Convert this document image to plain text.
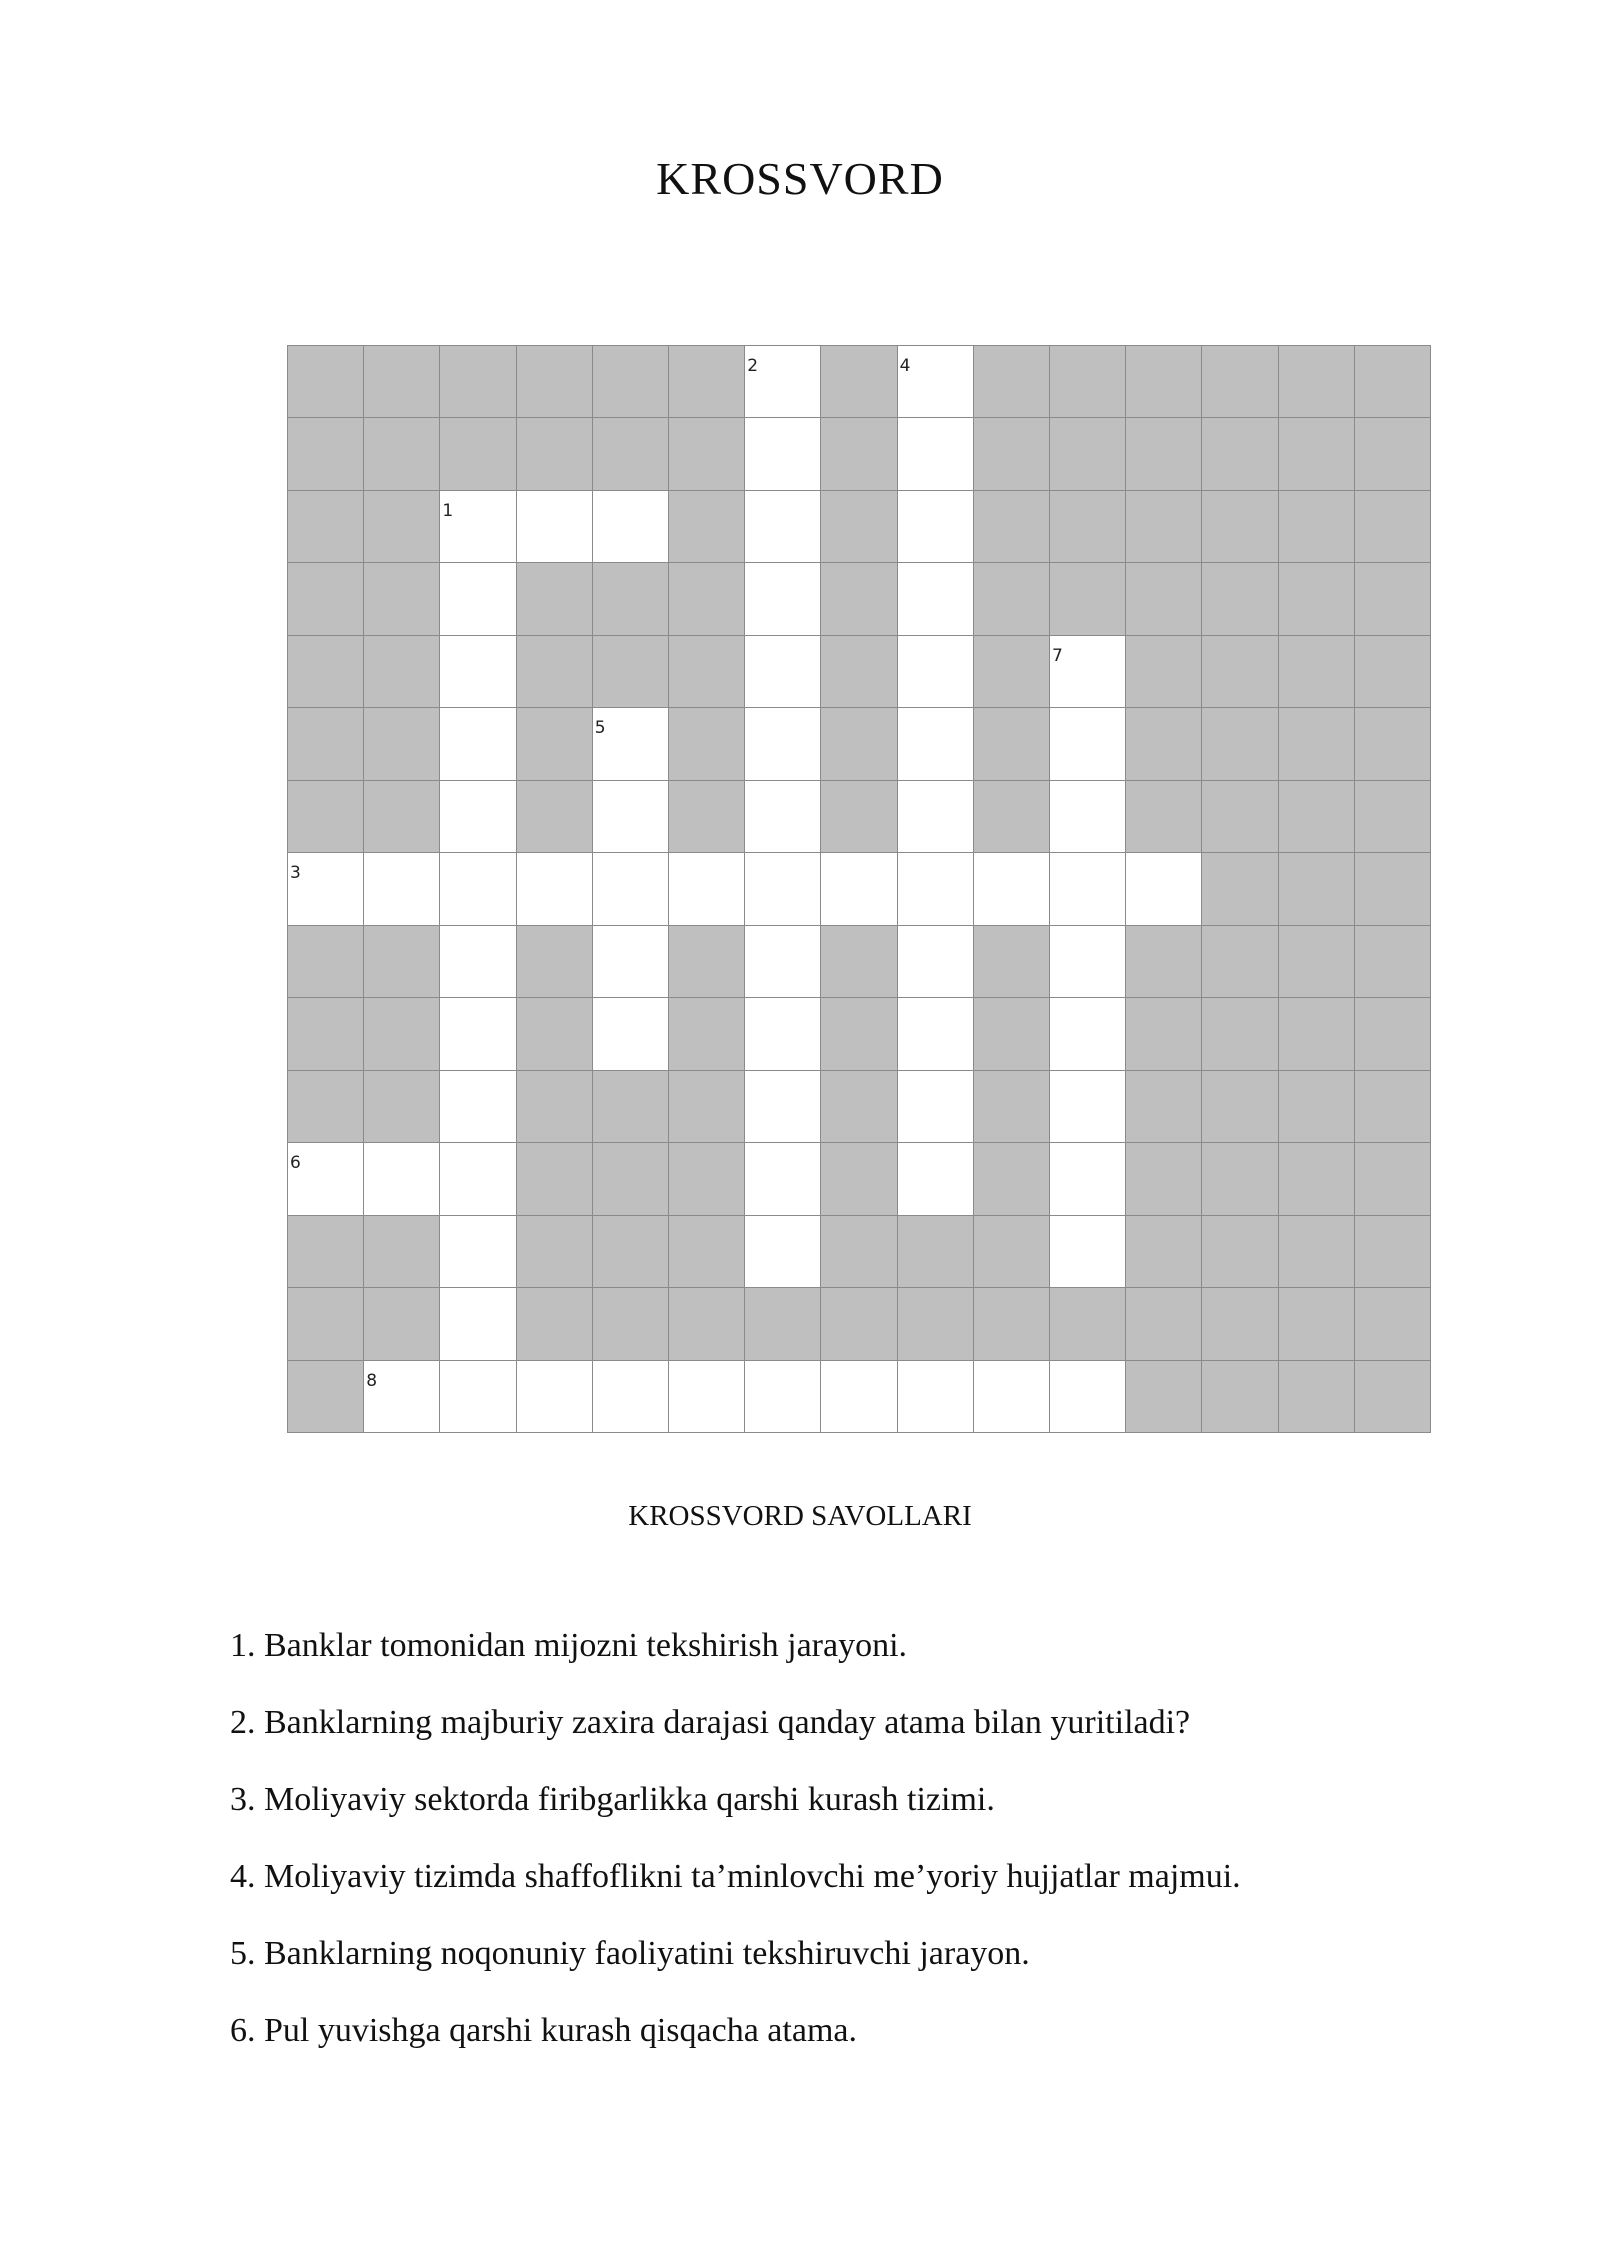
KROSSVORD
2	4
1
7
5
3
6
8
KROSSVORD SAVOLLARI
1. Banklar tomonidan mijozni tekshirish jarayoni.
2. Banklarning majburiy zaxira darajasi qanday atama bilan yuritiladi?
3. Moliyaviy sektorda firibgarlikka qarshi kurash tizimi.
4. Moliyaviy tizimda shaffoflikni ta’minlovchi me’yoriy hujjatlar majmui.
5. Banklarning noqonuniy faoliyatini tekshiruvchi jarayon.
6. Pul yuvishga qarshi kurash qisqacha atama.
